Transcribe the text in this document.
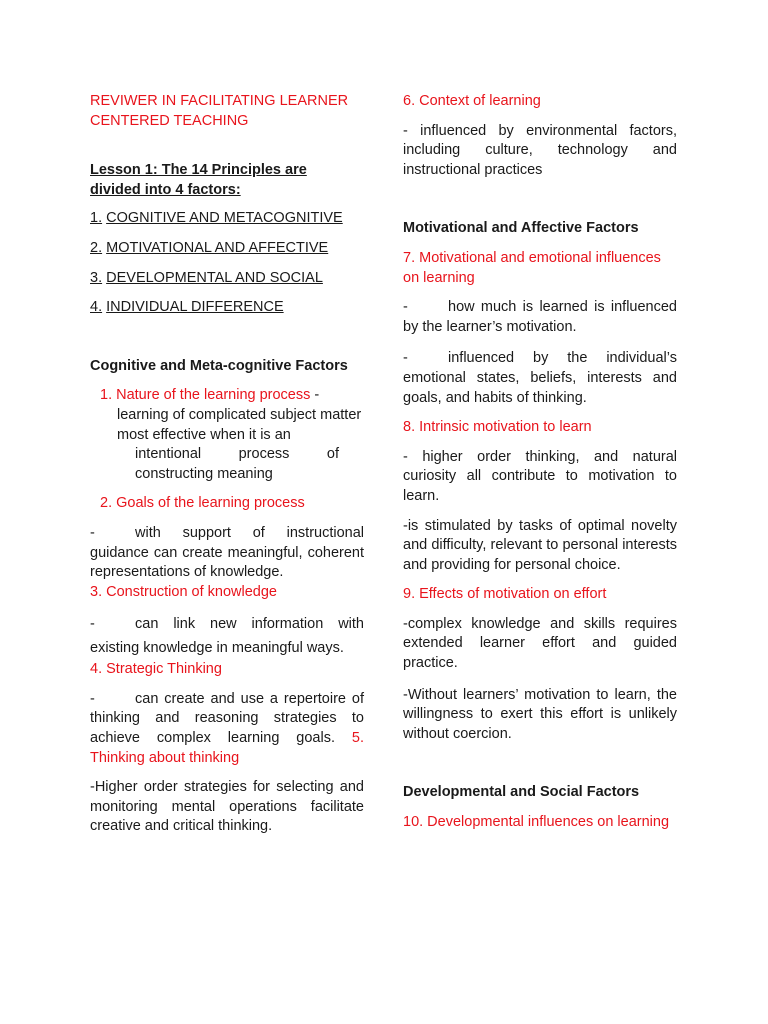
REVIWER IN FACILITATING LEARNER CENTERED TEACHING

Lesson 1: The 14 Principles are divided into 4 factors:

1. COGNITIVE AND METACOGNITIVE

2. MOTIVATIONAL AND AFFECTIVE

3. DEVELOPMENTAL AND SOCIAL

4. INDIVIDUAL DIFFERENCE

Cognitive and Meta-cognitive Factors

1. Nature of the learning process - learning of complicated subject matter most effective when it is an

intentional process of constructing meaning

2. Goals of the learning process

-	with support of instructional guidance can create meaningful, coherent representations of knowledge.

3. Construction of knowledge

-	can link new information with existing knowledge in meaningful ways.

4. Strategic Thinking

-	can create and use a repertoire of thinking and reasoning strategies to achieve complex learning goals. 5. Thinking about thinking

-Higher order strategies for selecting and monitoring mental operations facilitate creative and critical thinking.

6. Context of learning

- influenced by environmental factors, including culture, technology and instructional practices

Motivational and Affective Factors

7. Motivational and emotional influences on learning

-	how much is learned is influenced by the learner’s motivation.

-	influenced by the individual’s emotional states, beliefs, interests and goals, and habits of thinking.

8. Intrinsic motivation to learn

- higher order thinking, and natural curiosity all contribute to motivation to learn.

-is stimulated by tasks of optimal novelty and difficulty, relevant to personal interests and providing for personal choice.

9. Effects of motivation on effort

-complex knowledge and skills requires extended learner effort and guided practice.

-Without learners’ motivation to learn, the willingness to exert this effort is unlikely without coercion.

Developmental and Social Factors

10. Developmental influences on learning
